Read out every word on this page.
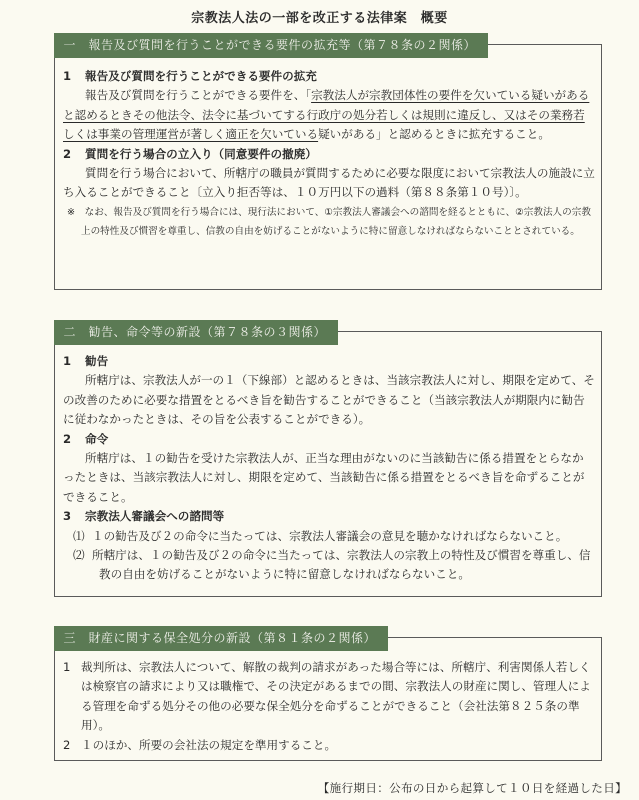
宗教法人法の一部を改正する法律案　概要
一　報告及び質問を行うことができる要件の拡充等（第７８条の２関係）
1 報告及び質問を行うことができる要件の拡充
報告及び質問を行うことができる要件を、「宗教法人が宗教団体性の要件を欠いている疑いがあると認めるときその他法令、法令に基づいてする行政庁の処分若しくは規則に違反し、又はその業務若しくは事業の管理運営が著しく適正を欠いている疑いがある」と認めるときに拡充すること。
2 質問を行う場合の立入り（同意要件の撤廃）
質問を行う場合において、所轄庁の職員が質問するために必要な限度において宗教法人の施設に立ち入ることができること〔立入り拒否等は、１０万円以下の過料（第８８条第１０号）〕。
※　なお、報告及び質問を行う場合には、現行法において、①宗教法人審議会への諮問を経るとともに、②宗教法人の宗教上の特性及び慣習を尊重し、信教の自由を妨げることがないように特に留意しなければならないこととされている。
二　勧告、命令等の新設（第７８条の３関係）
1 勧告
所轄庁は、宗教法人が一の１（下線部）と認めるときは、当該宗教法人に対し、期限を定めて、その改善のために必要な措置をとるべき旨を勧告することができること（当該宗教法人が期限内に勧告に従わなかったときは、その旨を公表することができる）。
2 命令
所轄庁は、１の勧告を受けた宗教法人が、正当な理由がないのに当該勧告に係る措置をとらなかったときは、当該宗教法人に対し、期限を定めて、当該勧告に係る措置をとるべき旨を命ずることができること。
3 宗教法人審議会への諮問等
⑴ １の勧告及び２の命令に当たっては、宗教法人審議会の意見を聴かなければならないこと。
⑵ 所轄庁は、１の勧告及び２の命令に当たっては、宗教法人の宗教上の特性及び慣習を尊重し、信教の自由を妨げることがないように特に留意しなければならないこと。
三　財産に関する保全処分の新設（第８１条の２関係）
1 裁判所は、宗教法人について、解散の裁判の請求があった場合等には、所轄庁、利害関係人若しくは検察官の請求により又は職権で、その決定があるまでの間、宗教法人の財産に関し、管理人による管理を命ずる処分その他の必要な保全処分を命ずることができること（会社法第８２５条の準用）。
2 １のほか、所要の会社法の規定を準用すること。
【施行期日：公布の日から起算して１０日を経過した日】
